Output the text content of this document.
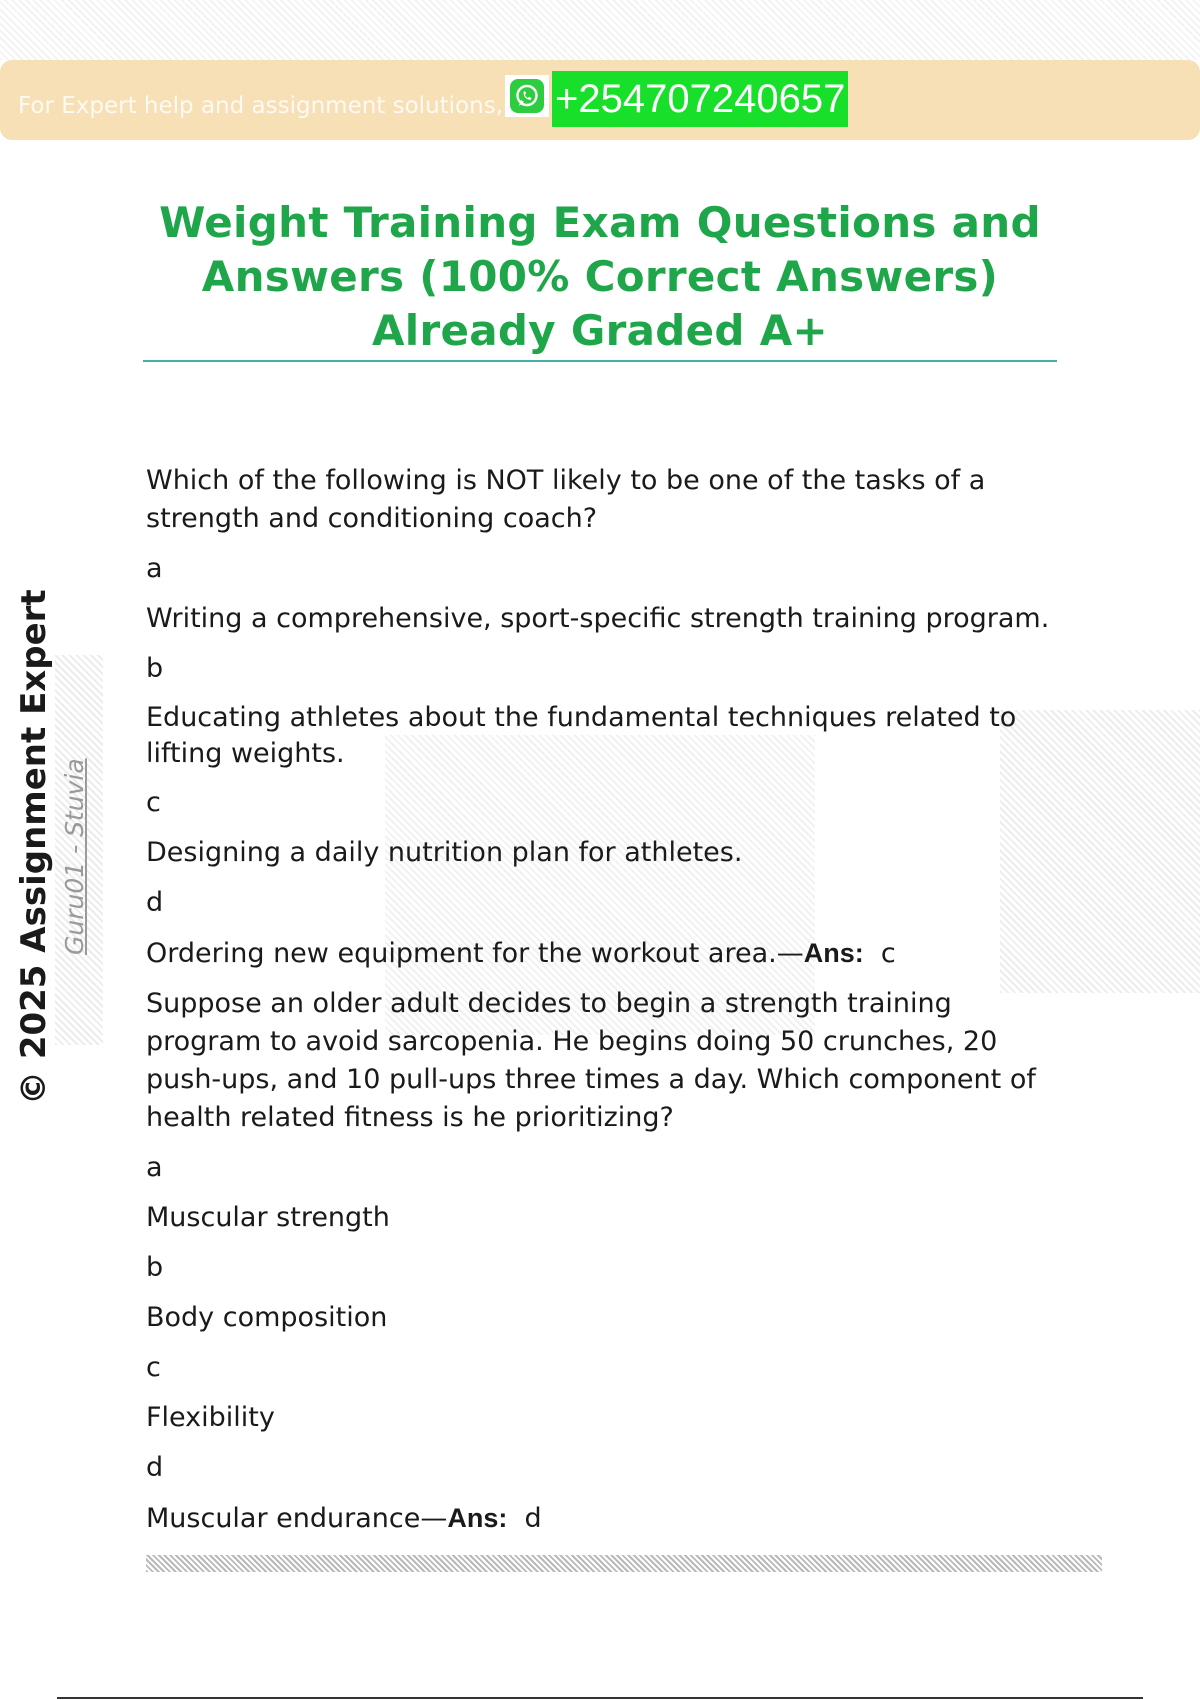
For Expert help and assignment solutions, +254707240657
Weight Training Exam Questions and Answers (100% Correct Answers) Already Graded A+
© 2025 Assignment Expert Guru01 - Stuvia
Which of the following is NOT likely to be one of the tasks of a strength and conditioning coach?
a
Writing a comprehensive, sport-specific strength training program.
b
Educating athletes about the fundamental techniques related to lifting weights.
c
Designing a daily nutrition plan for athletes.
d
Ordering new equipment for the workout area.—Ans: c
Suppose an older adult decides to begin a strength training program to avoid sarcopenia. He begins doing 50 crunches, 20 push-ups, and 10 pull-ups three times a day. Which component of health related fitness is he prioritizing?
a
Muscular strength
b
Body composition
c
Flexibility
d
Muscular endurance—Ans: d
